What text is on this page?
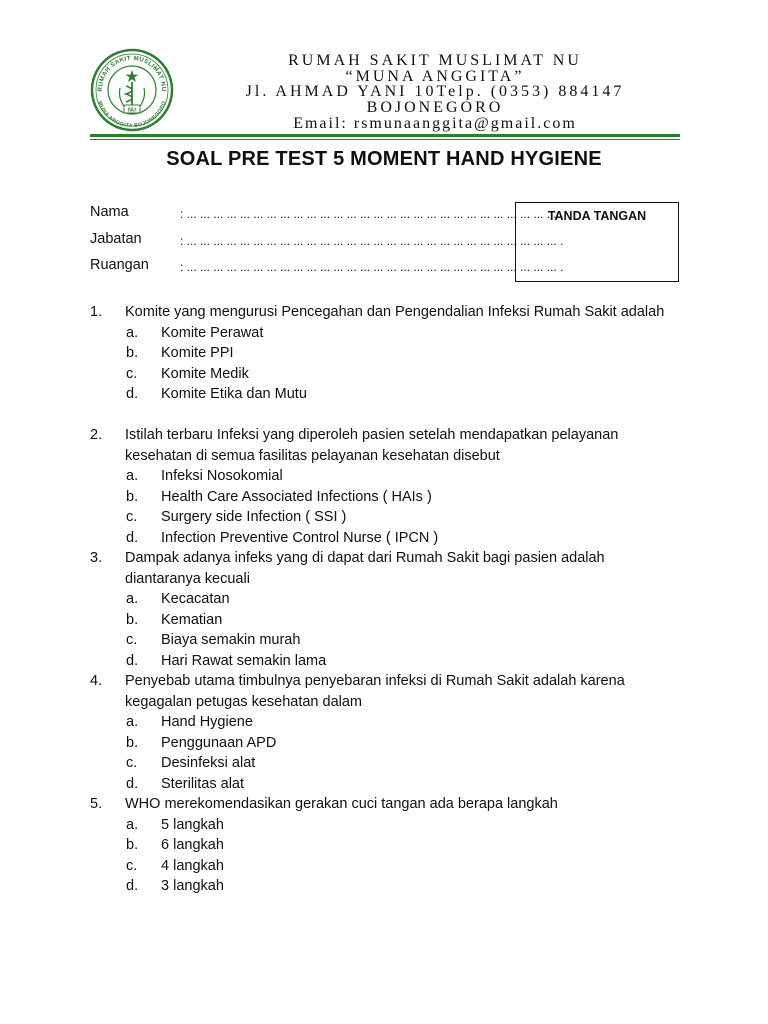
RUMAH SAKIT MUSLIMAT NU
MUNA ANGGITA BOJONEGORO
NU
RUMAH SAKIT MUSLIMAT NU
“MUNA ANGGITA”
Jl. AHMAD YANI 10Telp. (0353) 884147
BOJONEGORO
Email: rsmunaanggita@gmail.com
SOAL PRE TEST 5 MOMENT HAND HYGIENE
Nama	: ... ... ... ... ... ... ... ... ... ... ... ... ... ... ... ... ... ... ... ... ... ... ... ... ... ... ... ... .
Jabatan	: ... ... ... ... ... ... ... ... ... ... ... ... ... ... ... ... ... ... ... ... ... ... ... ... ... ... ... ... .
Ruangan	: ... ... ... ... ... ... ... ... ... ... ... ... ... ... ... ... ... ... ... ... ... ... ... ... ... ... ... ... .
TANDA TANGAN
1. Komite yang mengurusi Pencegahan dan Pengendalian Infeksi Rumah Sakit adalah
a. Komite Perawat
b. Komite PPI
c. Komite Medik
d. Komite Etika dan Mutu
2. Istilah terbaru Infeksi yang diperoleh pasien setelah mendapatkan pelayanan kesehatan di semua fasilitas pelayanan kesehatan disebut
a. Infeksi Nosokomial
b. Health Care Associated Infections ( HAIs )
c. Surgery side Infection ( SSI )
d. Infection Preventive Control Nurse ( IPCN )
3. Dampak adanya infeks yang di dapat dari Rumah Sakit bagi pasien adalah diantaranya kecuali
a. Kecacatan
b. Kematian
c. Biaya semakin murah
d. Hari Rawat semakin lama
4. Penyebab utama timbulnya penyebaran infeksi di Rumah Sakit adalah karena kegagalan petugas kesehatan dalam
a. Hand Hygiene
b. Penggunaan APD
c. Desinfeksi alat
d. Sterilitas alat
5. WHO merekomendasikan gerakan cuci tangan ada berapa langkah
a. 5 langkah
b. 6 langkah
c. 4 langkah
d. 3 langkah
